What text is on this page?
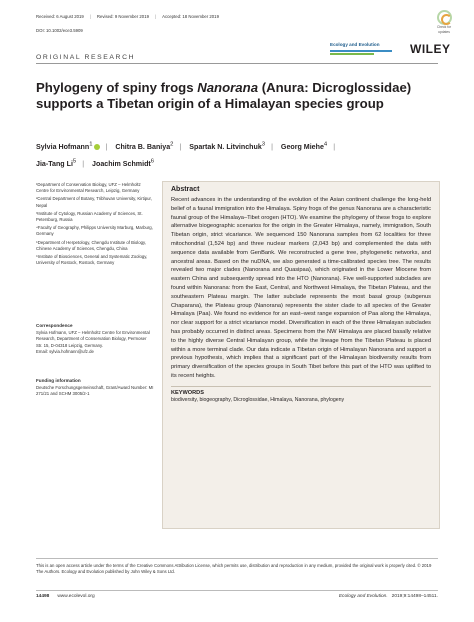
Received: 6 August 2019 | Revised: 9 November 2019 | Accepted: 18 November 2019
DOI: 10.1002/ece3.5909
Check for
updates
Ecology and Evolution	WILEY
ORIGINAL RESEARCH
Phylogeny of spiny frogs Nanorana (Anura: Dicroglossidae) supports a Tibetan origin of a Himalayan species group
Sylvia Hofmann$^1$ | Chitra B. Baniya$^2$ | Spartak N. Litvinchuk$^3$ | Georg Miehe$^4$ |
Jia-Tang Li$^5$ | Joachim Schmidt$^6$

¹Department of Conservation Biology, UFZ – Helmholtz Centre for Environmental Research, Leipzig, Germany

²Central Department of Botany, Tribhuvan University, Kirtipur, Nepal

³Institute of Cytology, Russian Academy of Sciences, St. Petersburg, Russia

⁴Faculty of Geography, Philipps University Marburg, Marburg, Germany

⁵Department of Herpetology, Chengdu Institute of Biology, Chinese Academy of Sciences, Chengdu, China

⁶Institute of Biosciences, General and Systematic Zoology, University of Rostock, Rostock, Germany

Correspondence

Sylvia Hofmann, UFZ – Helmholtz Centre for Environmental Research, Department of Conservation Biology, Permoser Str. 15, D-04318 Leipzig, Germany.

Email: sylvia.hofmann@ufz.de

Funding information

Deutsche Forschungsgemeinschaft, Grant/Award Number: MI 271/21 and SCHM 3005/2-1

Abstract

Recent advances in the understanding of the evolution of the Asian continent challenge the long-held belief of a faunal immigration into the Himalaya. Spiny frogs of the genus Nanorana are a characteristic faunal group of the Himalaya–Tibet orogen (HTO). We examine the phylogeny of these frogs to explore alternative biogeographic scenarios for the origin in the Greater Himalaya, namely, immigration, South Tibetan origin, strict vicariance. We sequenced 150 Nanorana samples from 62 localities for three mitochondrial (1,524 bp) and three nuclear markers (2,043 bp) and complemented the data with sequence data available from GenBank. We reconstructed a gene tree, phylogenetic networks, and ancestral areas. Based on the nuDNA, we also generated a time-calibrated species tree. The results revealed two major clades (Nanorana and Quasipaa), which originated in the Lower Miocene from eastern China and subsequently spread into the HTO (Nanorana). Five well-supported subclades are found within Nanorana: from the East, Central, and Northwest Himalaya, the Tibetan Plateau, and the southeastern Plateau margin. The latter subclade represents the most basal group (subgenus Chaparana), the Plateau group (Nanorana) represents the sister clade to all species of the Greater Himalaya (Paa). We found no evidence for an east–west range expansion of Paa along the Himalaya, nor clear support for a strict vicariance model. Diversification in each of the three Himalayan subclades has probably occurred in distinct areas. Specimens from the NW Himalaya are placed basally relative to the highly diverse Central Himalayan group, while the lineage from the Tibetan Plateau is placed within a more terminal clade. Our data indicate a Tibetan origin of Himalayan Nanorana and support a previous hypothesis, which implies that a significant part of the Himalayan biodiversity results from primary diversification of the species groups in South Tibet before this part of the HTO was uplifted to its recent heights.

KEYWORDS

biodiversity, biogeography, Dicroglossidae, Himalaya, Nanorana, phylogeny

This is an open access article under the terms of the Creative Commons Attribution License, which permits use, distribution and reproduction in any medium, provided the original work is properly cited. © 2019 The Authors. Ecology and Evolution published by John Wiley & Sons Ltd.
14498 www.ecolevol.org	Ecology and Evolution. 2019;9:14498–14511.
